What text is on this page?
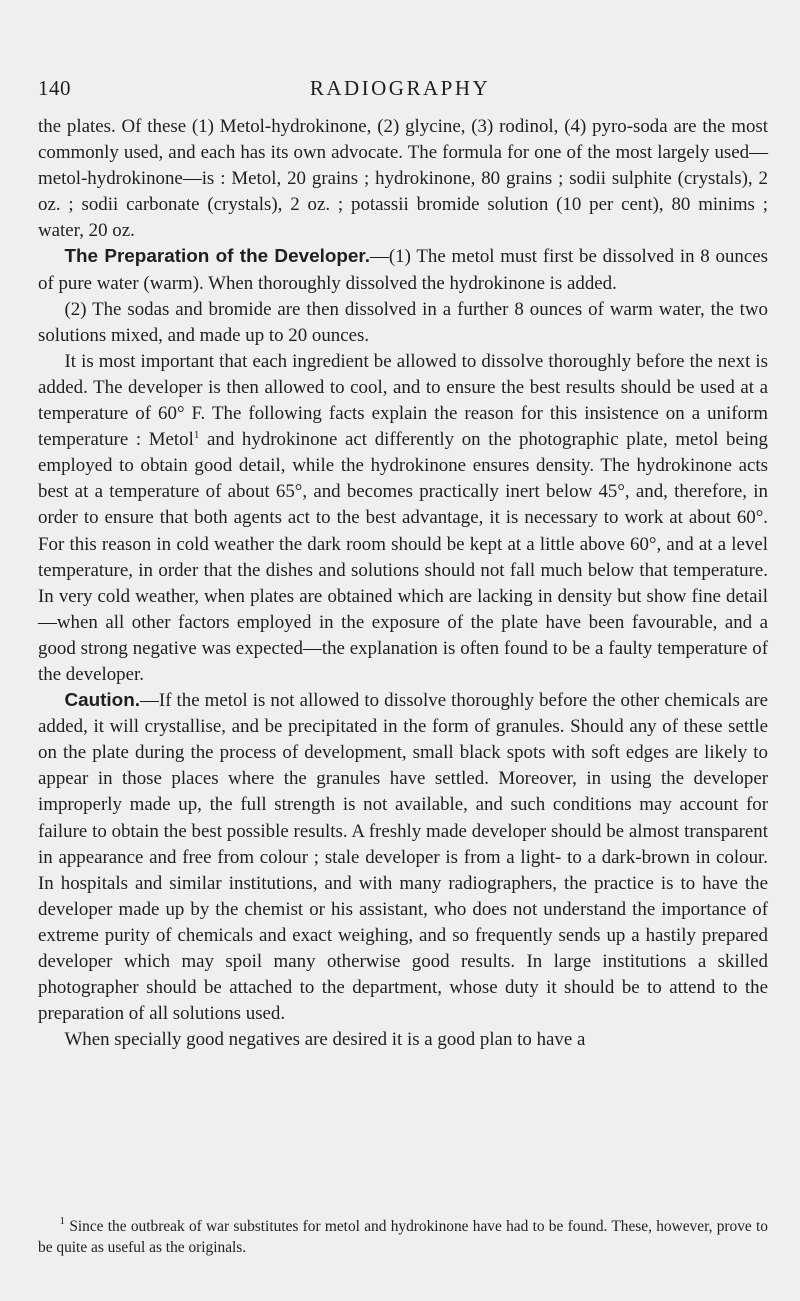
140	RADIOGRAPHY

the plates. Of these (1) Metol-hydrokinone, (2) glycine, (3) rodinol, (4) pyro-soda are the most commonly used, and each has its own advocate. The formula for one of the most largely used—metol-hydrokinone—is : Metol, 20 grains ; hydrokinone, 80 grains ; sodii sulphite (crystals), 2 oz. ; sodii carbonate (crystals), 2 oz. ; potassii bromide solution (10 per cent), 80 minims ; water, 20 oz.

The Preparation of the Developer.—(1) The metol must first be dissolved in 8 ounces of pure water (warm). When thoroughly dissolved the hydrokinone is added.

(2) The sodas and bromide are then dissolved in a further 8 ounces of warm water, the two solutions mixed, and made up to 20 ounces.

It is most important that each ingredient be allowed to dissolve thoroughly before the next is added. The developer is then allowed to cool, and to ensure the best results should be used at a temperature of 60° F. The following facts explain the reason for this insistence on a uniform temperature : Metol$^1$ and hydrokinone act differently on the photographic plate, metol being employed to obtain good detail, while the hydrokinone ensures density. The hydrokinone acts best at a temperature of about 65°, and becomes practically inert below 45°, and, therefore, in order to ensure that both agents act to the best advantage, it is necessary to work at about 60°. For this reason in cold weather the dark room should be kept at a little above 60°, and at a level temperature, in order that the dishes and solutions should not fall much below that temperature. In very cold weather, when plates are obtained which are lacking in density but show fine detail—when all other factors employed in the exposure of the plate have been favourable, and a good strong negative was expected—the explanation is often found to be a faulty temperature of the developer.

Caution.—If the metol is not allowed to dissolve thoroughly before the other chemicals are added, it will crystallise, and be precipitated in the form of granules. Should any of these settle on the plate during the process of development, small black spots with soft edges are likely to appear in those places where the granules have settled. Moreover, in using the developer improperly made up, the full strength is not available, and such conditions may account for failure to obtain the best possible results. A freshly made developer should be almost transparent in appearance and free from colour ; stale developer is from a light- to a dark-brown in colour. In hospitals and similar institutions, and with many radiographers, the practice is to have the developer made up by the chemist or his assistant, who does not understand the importance of extreme purity of chemicals and exact weighing, and so frequently sends up a hastily prepared developer which may spoil many otherwise good results. In large institutions a skilled photographer should be attached to the department, whose duty it should be to attend to the preparation of all solutions used.

When specially good negatives are desired it is a good plan to have a

$^1$ Since the outbreak of war substitutes for metol and hydrokinone have had to be found. These, however, prove to be quite as useful as the originals.
